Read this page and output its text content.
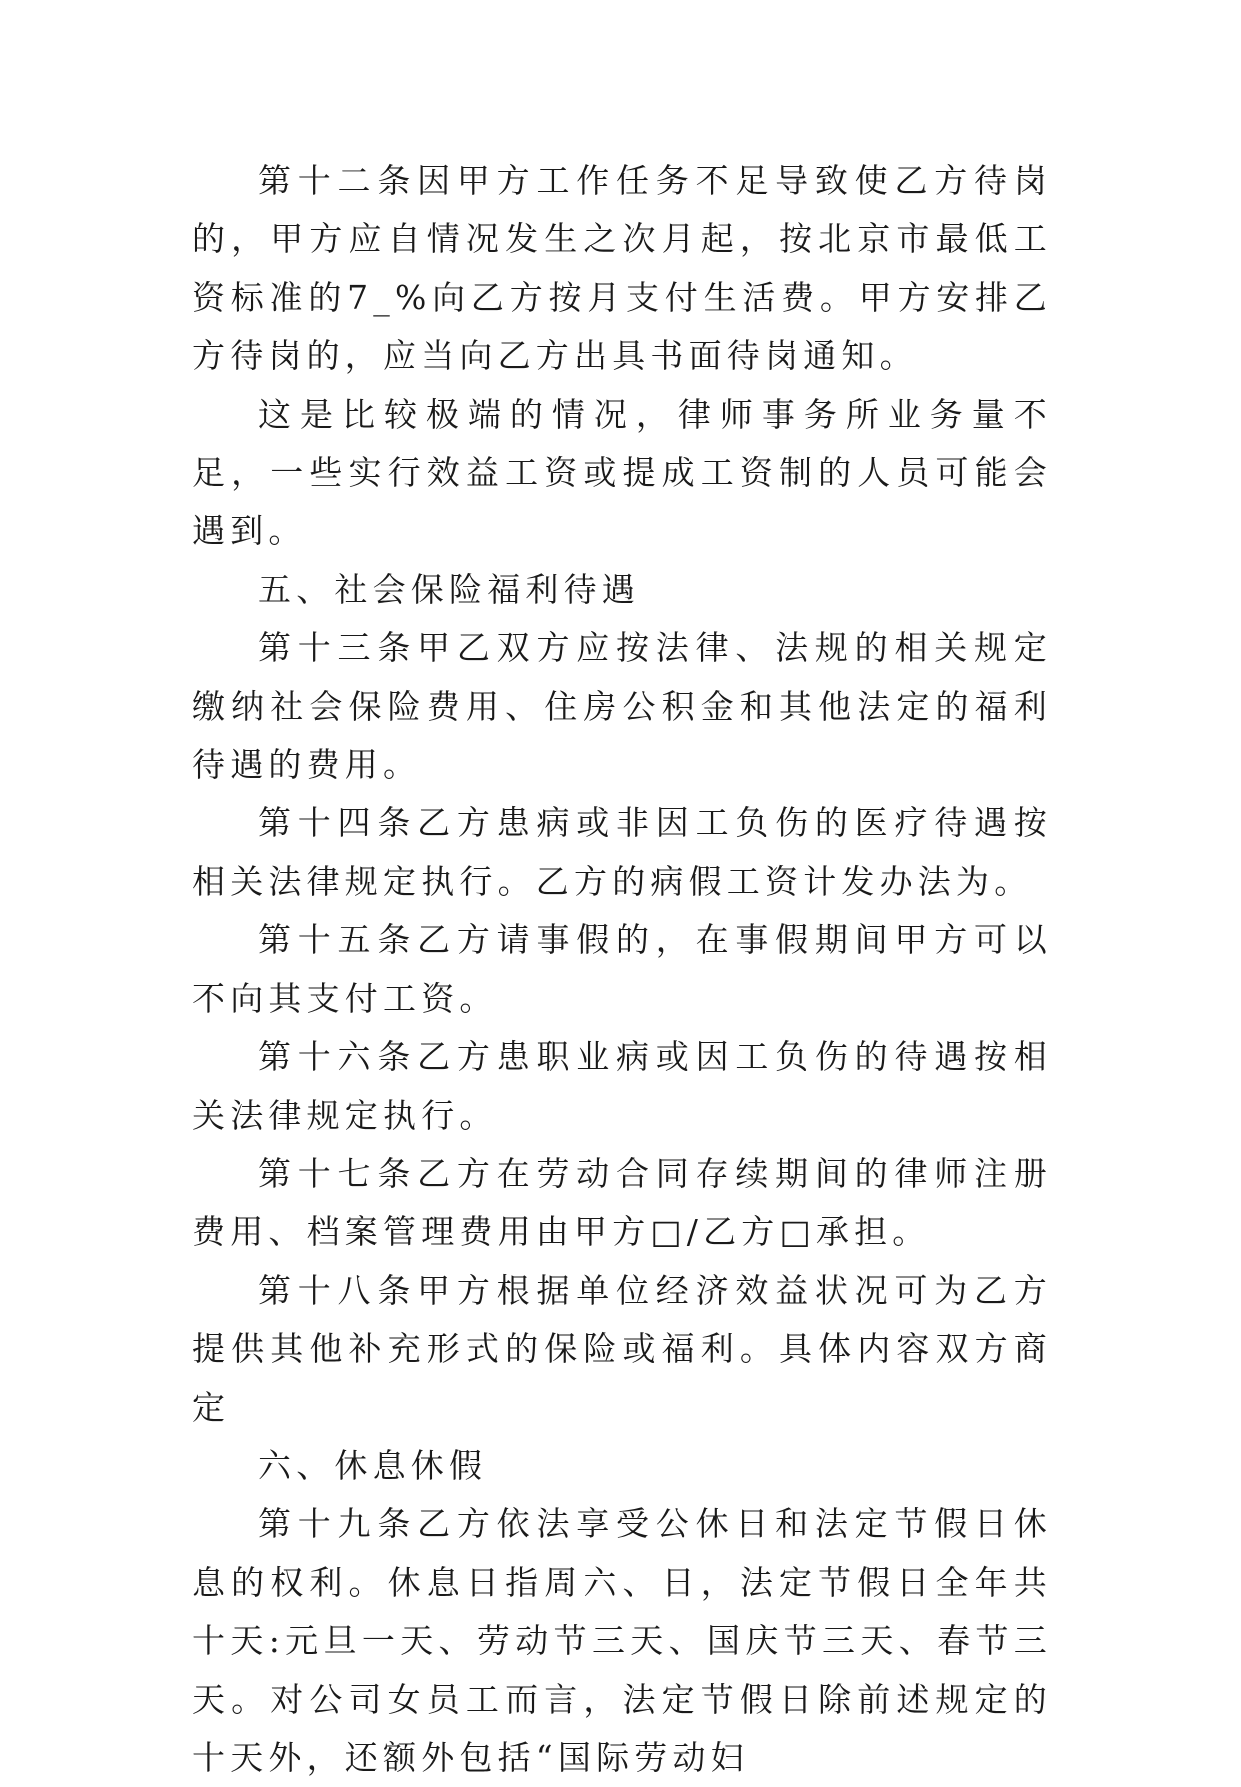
第十二条因甲方工作任务不足导致使乙方待岗的，甲方应自情况发生之次月起，按北京市最低工资标准的7_%向乙方按月支付生活费。甲方安排乙方待岗的，应当向乙方出具书面待岗通知。

这是比较极端的情况，律师事务所业务量不足，一些实行效益工资或提成工资制的人员可能会遇到。

五、社会保险福利待遇

第十三条甲乙双方应按法律、法规的相关规定缴纳社会保险费用、住房公积金和其他法定的福利待遇的费用。

第十四条乙方患病或非因工负伤的医疗待遇按相关法律规定执行。乙方的病假工资计发办法为。

第十五条乙方请事假的，在事假期间甲方可以不向其支付工资。

第十六条乙方患职业病或因工负伤的待遇按相关法律规定执行。

第十七条乙方在劳动合同存续期间的律师注册费用、档案管理费用由甲方□/乙方□承担。

第十八条甲方根据单位经济效益状况可为乙方提供其他补充形式的保险或福利。具体内容双方商定

六、休息休假

第十九条乙方依法享受公休日和法定节假日休息的权利。休息日指周六、日，法定节假日全年共十天:元旦一天、劳动节三天、国庆节三天、春节三天。对公司女员工而言，法定节假日除前述规定的十天外，还额外包括“国际劳动妇
